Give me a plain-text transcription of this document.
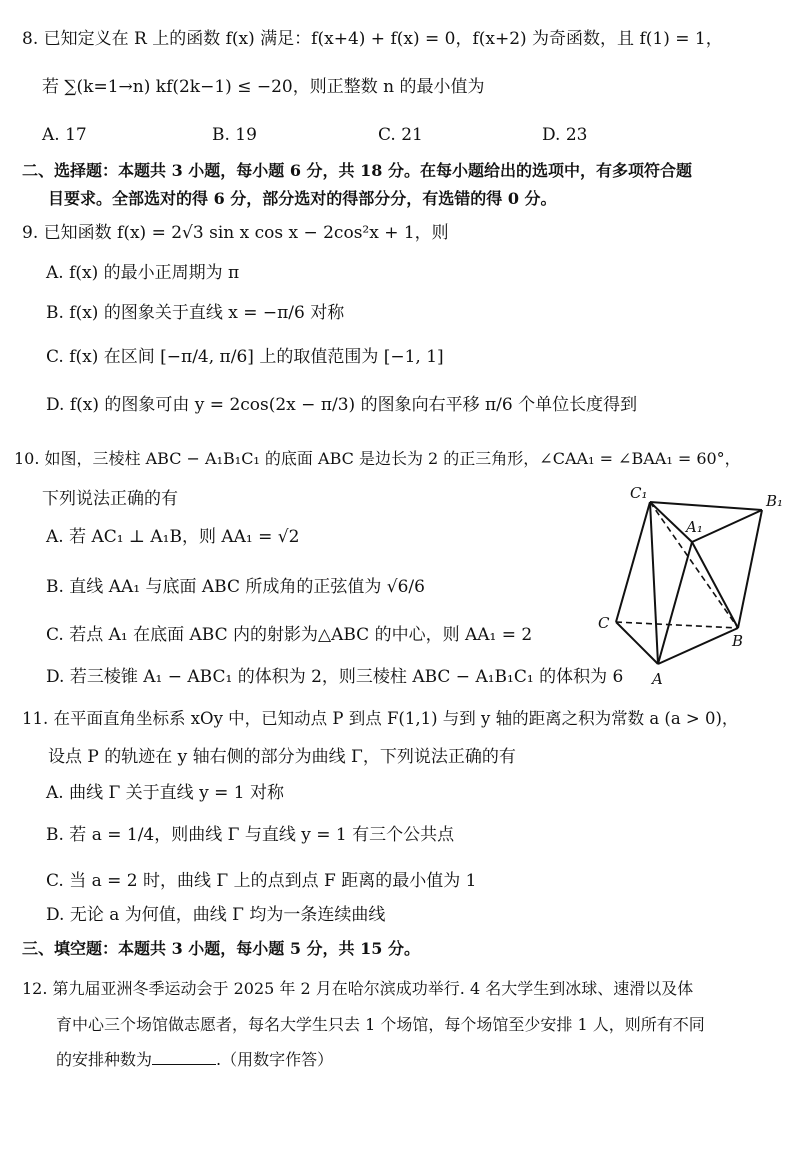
8. 已知定义在 R 上的函数 f(x) 满足：f(x+4) + f(x) = 0，f(x+2) 为奇函数，且 f(1) = 1，
若 ∑(k=1→n) kf(2k−1) ≤ −20，则正整数 n 的最小值为
A. 17	B. 19	C. 21	D. 23
二、选择题：本题共 3 小题，每小题 6 分，共 18 分。在每小题给出的选项中，有多项符合题
目要求。全部选对的得 6 分，部分选对的得部分分，有选错的得 0 分。
9. 已知函数 f(x) = 2√3 sin x cos x − 2cos²x + 1，则
A. f(x) 的最小正周期为 π
B. f(x) 的图象关于直线 x = −π/6 对称
C. f(x) 在区间 [−π/4, π/6] 上的取值范围为 [−1, 1]
D. f(x) 的图象可由 y = 2cos(2x − π/3) 的图象向右平移 π/6 个单位长度得到
10. 如图，三棱柱 ABC − A₁B₁C₁ 的底面 ABC 是边长为 2 的正三角形，∠CAA₁ = ∠BAA₁ = 60°，
下列说法正确的有
A. 若 AC₁ ⊥ A₁B，则 AA₁ = √2
B. 直线 AA₁ 与底面 ABC 所成角的正弦值为 √6/6
C. 若点 A₁ 在底面 ABC 内的射影为△ABC 的中心，则 AA₁ = 2
D. 若三棱锥 A₁ − ABC₁ 的体积为 2，则三棱柱 ABC − A₁B₁C₁ 的体积为 6
C₁	B₁
A₁
C
B
A
11. 在平面直角坐标系 xOy 中，已知动点 P 到点 F(1,1) 与到 y 轴的距离之积为常数 a (a > 0)，
设点 P 的轨迹在 y 轴右侧的部分为曲线 Γ，下列说法正确的有
A. 曲线 Γ 关于直线 y = 1 对称
B. 若 a = 1/4，则曲线 Γ 与直线 y = 1 有三个公共点
C. 当 a = 2 时，曲线 Γ 上的点到点 F 距离的最小值为 1
D. 无论 a 为何值，曲线 Γ 均为一条连续曲线
三、填空题：本题共 3 小题，每小题 5 分，共 15 分。
12. 第九届亚洲冬季运动会于 2025 年 2 月在哈尔滨成功举行. 4 名大学生到冰球、速滑以及体
育中心三个场馆做志愿者，每名大学生只去 1 个场馆，每个场馆至少安排 1 人，则所有不同
的安排种数为	.（用数字作答）
